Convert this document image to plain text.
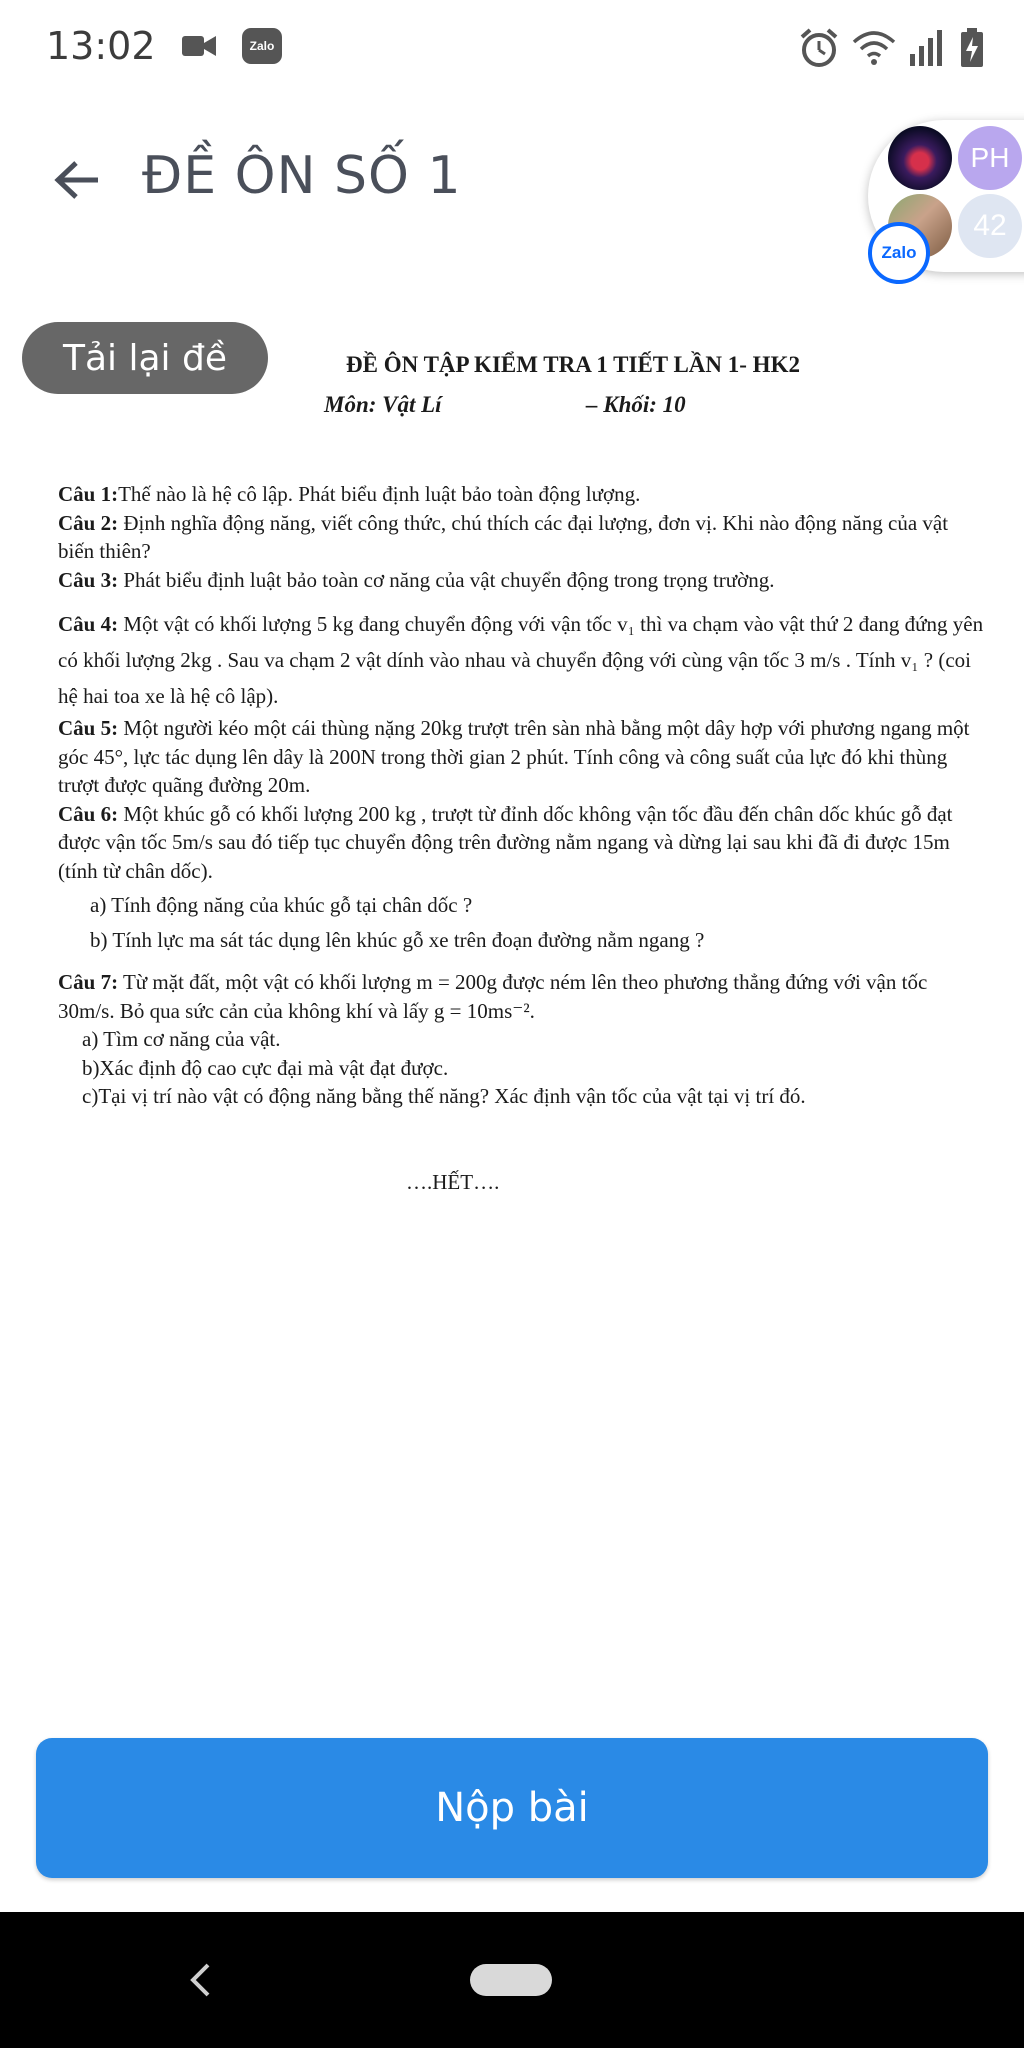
13:02	Zalo
ĐỀ ÔN SỐ 1	PH
42
Zalo
ĐỀ ÔN TẬP KIỂM TRA 1 TIẾT LẦN 1- HK2
Môn: Vật Lí	– Khối: 10
Câu 1:Thế nào là hệ cô lập. Phát biểu định luật bảo toàn động lượng.
Câu 2: Định nghĩa động năng, viết công thức, chú thích các đại lượng, đơn vị. Khi nào động năng của vật biến thiên?
Câu 3: Phát biểu định luật bảo toàn cơ năng của vật chuyển động trong trọng trường.
Câu 4: Một vật có khối lượng 5 kg đang chuyển động với vận tốc v₁ thì va chạm vào vật thứ 2 đang đứng yên có khối lượng 2kg . Sau va chạm 2 vật dính vào nhau và chuyển động với cùng vận tốc 3 m/s . Tính v₁ ? (coi hệ hai toa xe là hệ cô lập).
Câu 5: Một người kéo một cái thùng nặng 20kg trượt trên sàn nhà bằng một dây hợp với phương ngang một góc 45°, lực tác dụng lên dây là 200N trong thời gian 2 phút. Tính công và công suất của lực đó khi thùng trượt được quãng đường 20m.
Câu 6: Một khúc gỗ có khối lượng 200 kg , trượt từ đỉnh dốc không vận tốc đầu đến chân dốc khúc gỗ đạt được vận tốc 5m/s sau đó tiếp tục chuyển động trên đường nằm ngang và dừng lại sau khi đã đi được 15m (tính từ chân dốc).
a) Tính động năng của khúc gỗ tại chân dốc ?
b) Tính lực ma sát tác dụng lên khúc gỗ xe trên đoạn đường nằm ngang ?
Câu 7: Từ mặt đất, một vật có khối lượng m = 200g được ném lên theo phương thẳng đứng với vận tốc 30m/s. Bỏ qua sức cản của không khí và lấy g = 10ms⁻².
a) Tìm cơ năng của vật.
b)Xác định độ cao cực đại mà vật đạt được.
c)Tại vị trí nào vật có động năng bằng thế năng? Xác định vận tốc của vật tại vị trí đó.
….HẾT….
Tải lại đề
Nộp bài
